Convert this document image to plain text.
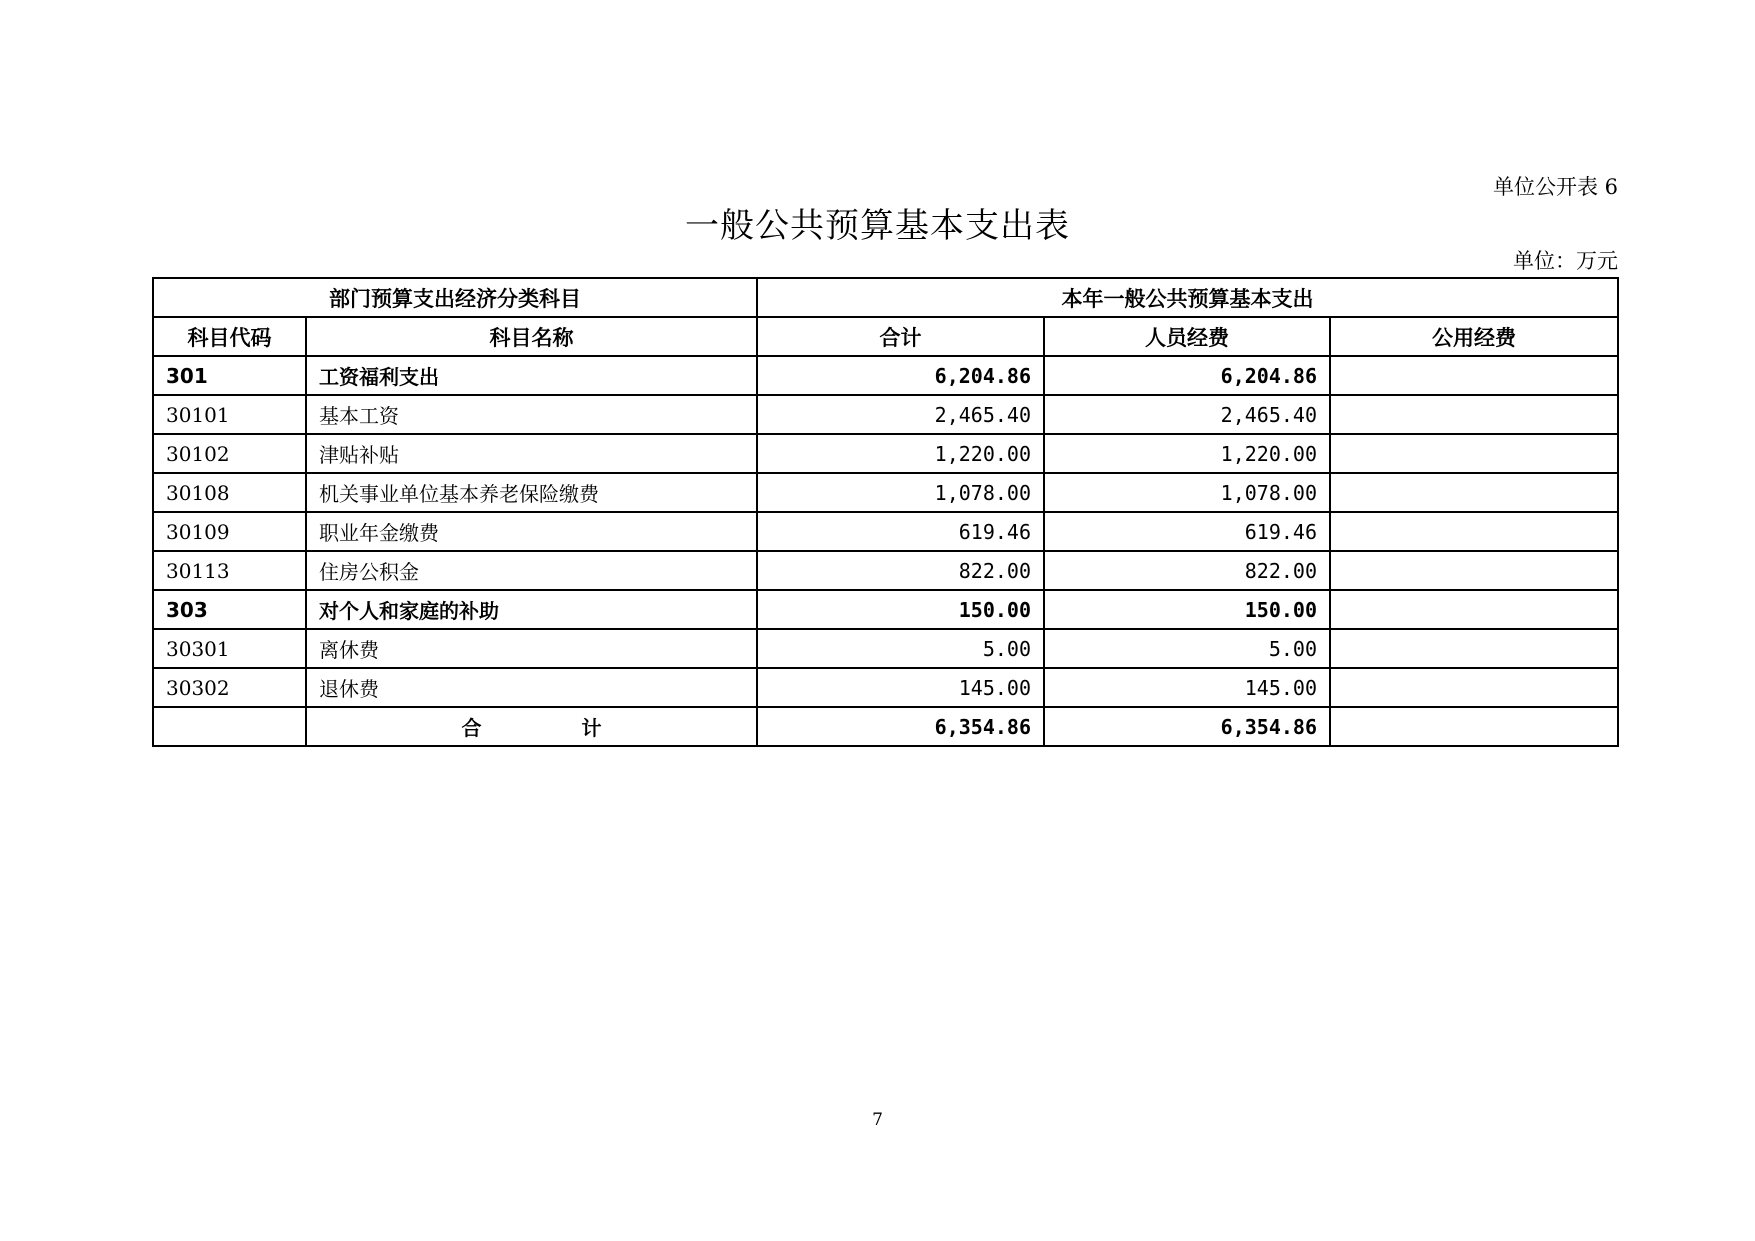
单位公开表 6
一般公共预算基本支出表
单位：万元
部门预算支出经济分类科目		本年一般公共预算基本支出		
科目代码	科目名称	合计	人员经费	公用经费
301	工资福利支出	6,204.86	6,204.86	
30101	基本工资	2,465.40	2,465.40	
30102	津贴补贴	1,220.00	1,220.00	
30108	机关事业单位基本养老保险缴费	1,078.00	1,078.00	
30109	职业年金缴费	619.46	619.46	
30113	住房公积金	822.00	822.00	
303	对个人和家庭的补助	150.00	150.00	
30301	离休费	5.00	5.00	
30302	退休费	145.00	145.00	
	合 计	6,354.86	6,354.86	
7
